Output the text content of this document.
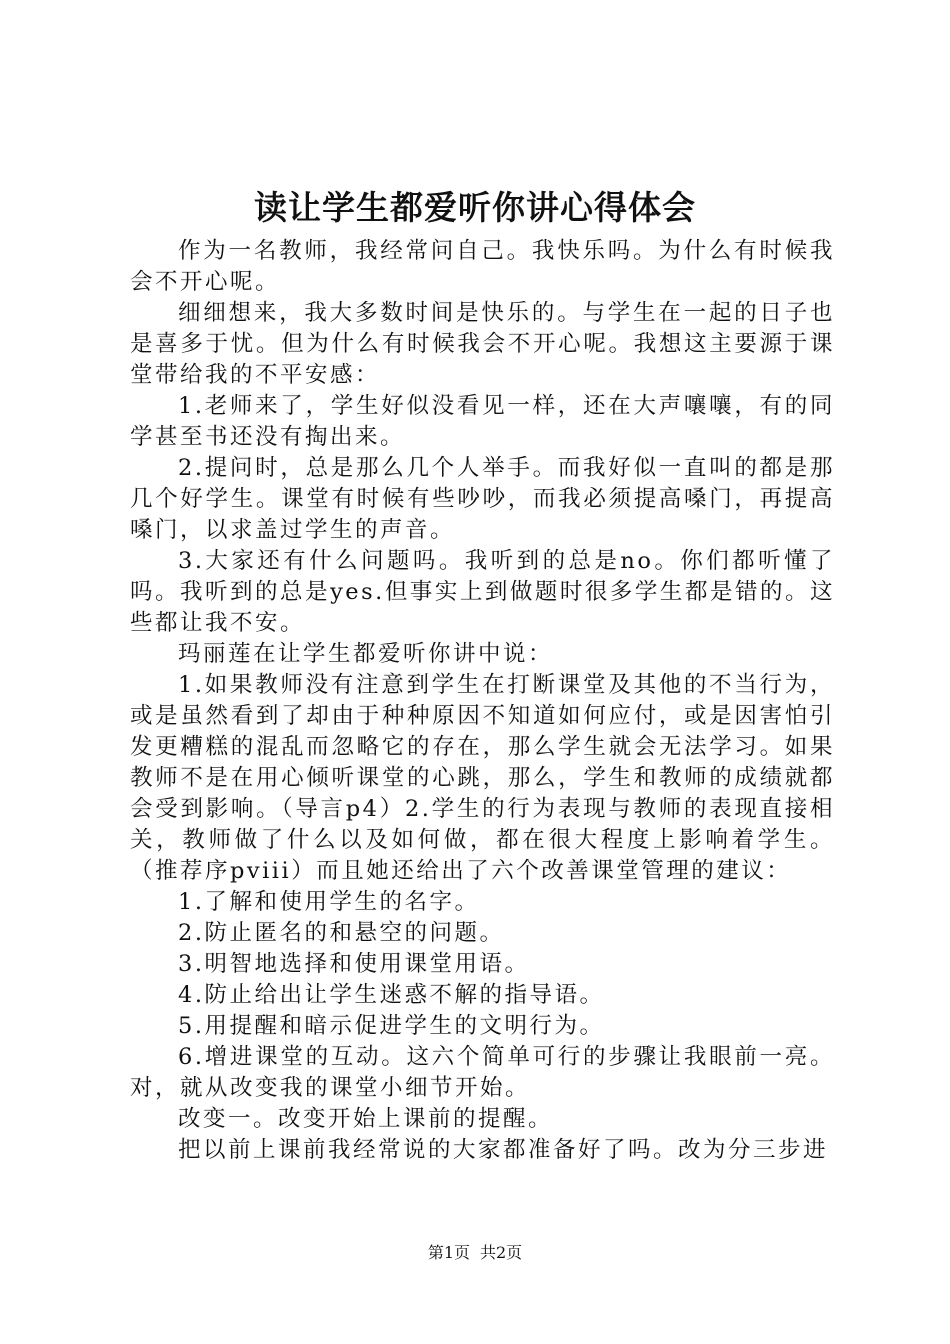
读让学生都爱听你讲心得体会

作为一名教师，我经常问自己。我快乐吗。为什么有时候我会不开心呢。

细细想来，我大多数时间是快乐的。与学生在一起的日子也是喜多于忧。但为什么有时候我会不开心呢。我想这主要源于课堂带给我的不平安感：

1.老师来了，学生好似没看见一样，还在大声嚷嚷，有的同学甚至书还没有掏出来。

2.提问时，总是那么几个人举手。而我好似一直叫的都是那几个好学生。课堂有时候有些吵吵，而我必须提高嗓门，再提高嗓门，以求盖过学生的声音。

3.大家还有什么问题吗。我听到的总是no。你们都听懂了吗。我听到的总是yes.但事实上到做题时很多学生都是错的。这些都让我不安。

玛丽莲在让学生都爱听你讲中说：

1.如果教师没有注意到学生在打断课堂及其他的不当行为，或是虽然看到了却由于种种原因不知道如何应付，或是因害怕引发更糟糕的混乱而忽略它的存在，那么学生就会无法学习。如果教师不是在用心倾听课堂的心跳，那么，学生和教师的成绩就都会受到影响。（导言p4）2.学生的行为表现与教师的表现直接相关，教师做了什么以及如何做，都在很大程度上影响着学生。（推荐序pviii）而且她还给出了六个改善课堂管理的建议：

1.了解和使用学生的名字。

2.防止匿名的和悬空的问题。

3.明智地选择和使用课堂用语。

4.防止给出让学生迷惑不解的指导语。

5.用提醒和暗示促进学生的文明行为。

6.增进课堂的互动。这六个简单可行的步骤让我眼前一亮。对，就从改变我的课堂小细节开始。

改变一。改变开始上课前的提醒。

把以前上课前我经常说的大家都准备好了吗。改为分三步进

第1页 共2页
